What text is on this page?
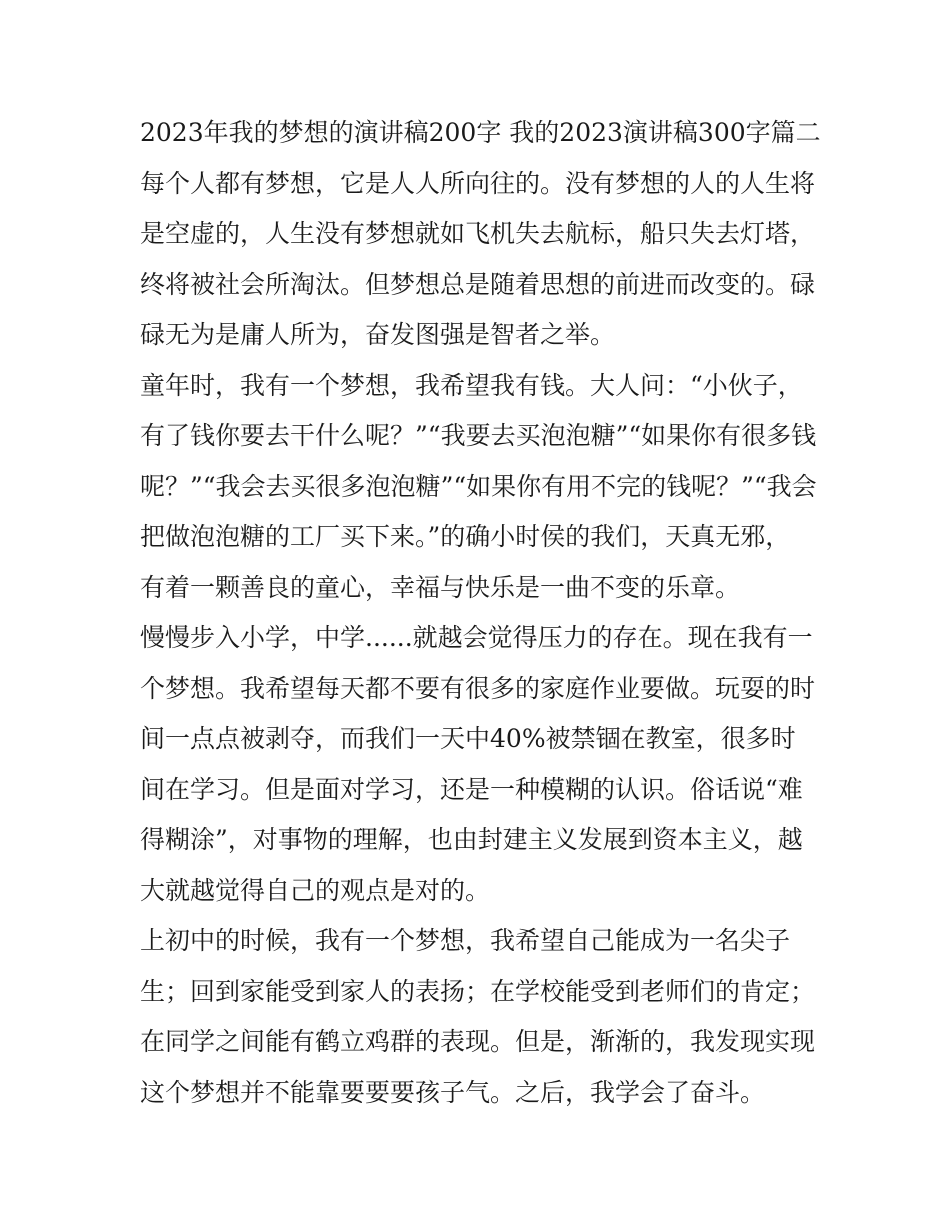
2023年我的梦想的演讲稿200字 我的2023演讲稿300字篇二

每个人都有梦想，它是人人所向往的。没有梦想的人的人生将

是空虚的，人生没有梦想就如飞机失去航标，船只失去灯塔，

终将被社会所淘汰。但梦想总是随着思想的前进而改变的。碌

碌无为是庸人所为，奋发图强是智者之举。

童年时，我有一个梦想，我希望我有钱。大人问：“小伙子，

有了钱你要去干什么呢？”“我要去买泡泡糖”“如果你有很多钱

呢？”“我会去买很多泡泡糖”“如果你有用不完的钱呢？”“我会

把做泡泡糖的工厂买下来。”的确小时侯的我们，天真无邪，

有着一颗善良的童心，幸福与快乐是一曲不变的乐章。

慢慢步入小学，中学......就越会觉得压力的存在。现在我有一

个梦想。我希望每天都不要有很多的家庭作业要做。玩耍的时

间一点点被剥夺，而我们一天中40%被禁锢在教室，很多时

间在学习。但是面对学习，还是一种模糊的认识。俗话说“难

得糊涂”，对事物的理解，也由封建主义发展到资本主义，越

大就越觉得自己的观点是对的。

上初中的时候，我有一个梦想，我希望自己能成为一名尖子

生；回到家能受到家人的表扬；在学校能受到老师们的肯定；

在同学之间能有鹤立鸡群的表现。但是，渐渐的，我发现实现

这个梦想并不能靠要要要孩子气。之后，我学会了奋斗。
